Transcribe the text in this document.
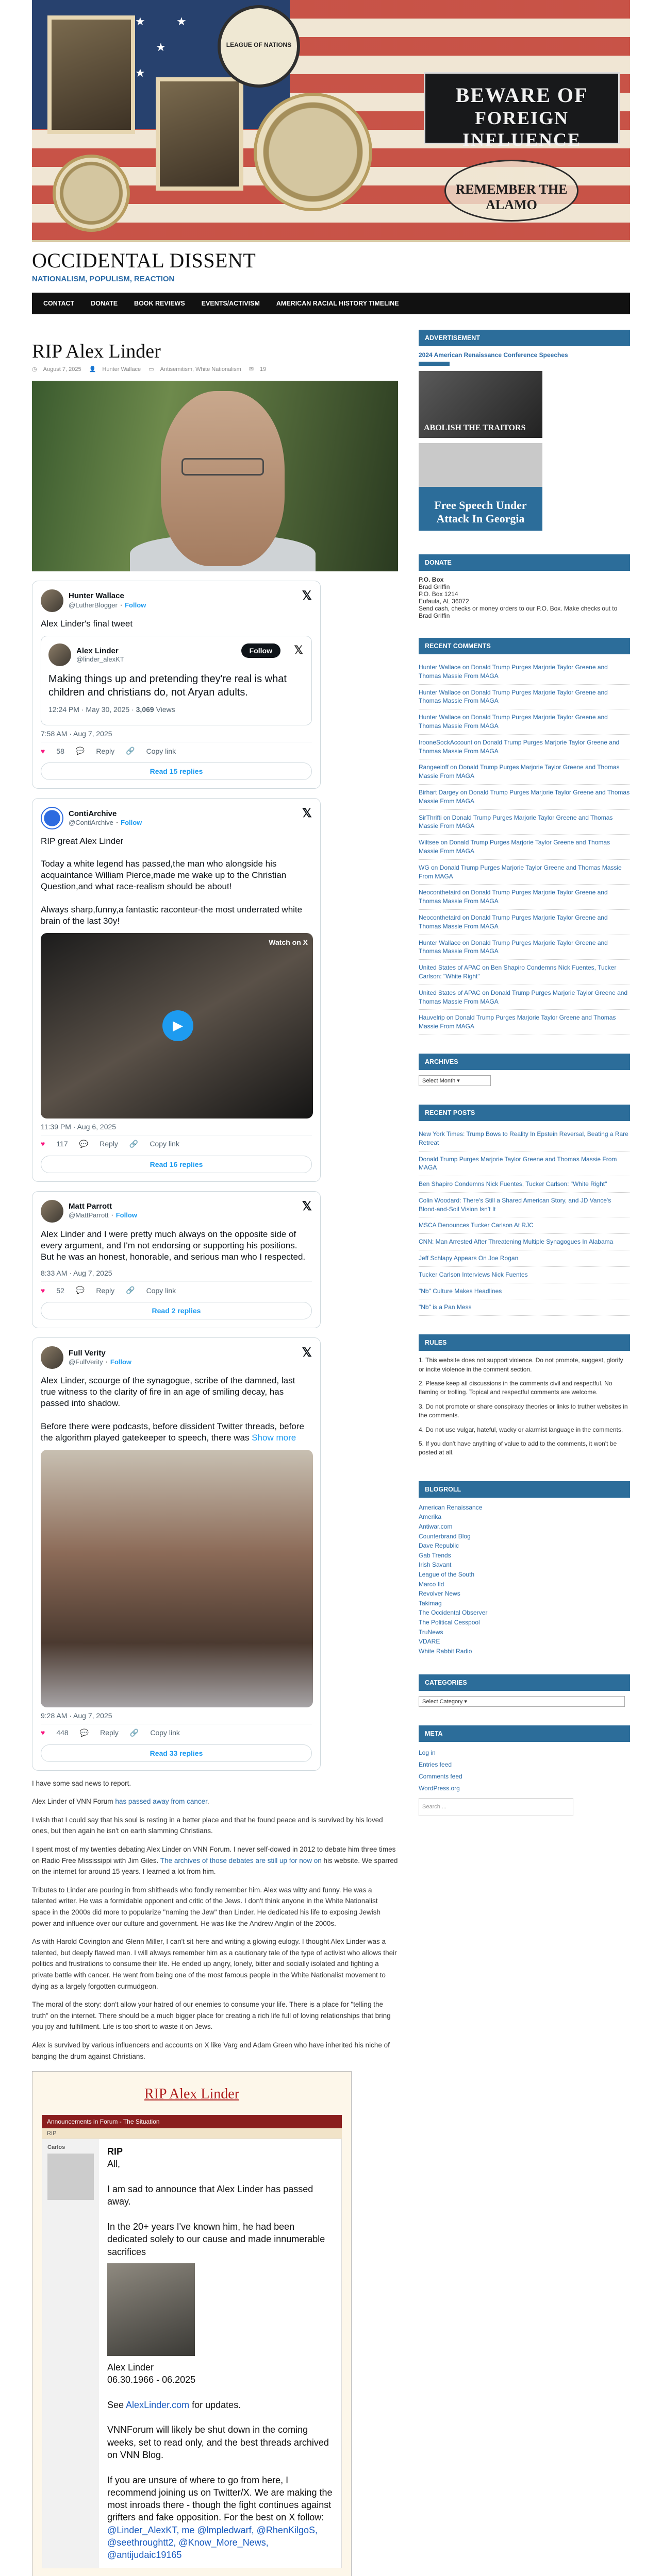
★	★
★
★
LEAGUE OF NATIONS
BEWARE OF
FOREIGN INFLUENCE
REMEMBER THE ALAMO
OCCIDENTAL DISSENT
NATIONALISM, POPULISM, REACTION
CONTACT	DONATE	BOOK REVIEWS	EVENTS/ACTIVISM	AMERICAN RACIAL HISTORY TIMELINE
RIP Alex Linder
◷ August 7, 2025 👤 Hunter Wallace ▭ Antisemitism, White Nationalism ✉ 19
Hunter Wallace
@LutherBlogger · Follow
𝕏
Alex Linder's final tweet
Alex Linder
@linder_alexKT
Follow	𝕏
Making things up and pretending they're real is what children and christians do, not Aryan adults.
12:24 PM · May 30, 2025 · 3,069 Views
7:58 AM · Aug 7, 2025
♥ 58 💬 Reply 🔗 Copy link
Read 15 replies
ContiArchive
@ContiArchive · Follow
𝕏
RIP great Alex Linder

Today a white legend has passed,the man who alongside his acquaintance William Pierce,made me wake up to the Christian Question,and what race-realism should be about!

Always sharp,funny,a fantastic raconteur-the most underrated white brain of the last 30y!
Watch on X
▶
11:39 PM · Aug 6, 2025
♥ 117 💬 Reply 🔗 Copy link
Read 16 replies
Matt Parrott
@MattParrott · Follow
𝕏
Alex Linder and I were pretty much always on the opposite side of every argument, and I'm not endorsing or supporting his positions. But he was an honest, honorable, and serious man who I respected.
8:33 AM · Aug 7, 2025
♥ 52 💬 Reply 🔗 Copy link
Read 2 replies
Full Verity
@FullVerity · Follow
𝕏
Alex Linder, scourge of the synagogue, scribe of the damned, last true witness to the clarity of fire in an age of smiling decay, has passed into shadow.

Before there were podcasts, before dissident Twitter threads, before the algorithm played gatekeeper to speech, there was Show more
9:28 AM · Aug 7, 2025
♥ 448 💬 Reply 🔗 Copy link
Read 33 replies

I have some sad news to report.

Alex Linder of VNN Forum has passed away from cancer.

I wish that I could say that his soul is resting in a better place and that he found peace and is survived by his loved ones, but then again he isn't on earth slamming Christians.

I spent most of my twenties debating Alex Linder on VNN Forum. I never self-dowed in 2012 to debate him three times on Radio Free Mississippi with Jim Giles. The archives of those debates are still up for now on his website. We sparred on the internet for around 15 years. I learned a lot from him.

Tributes to Linder are pouring in from shitheads who fondly remember him. Alex was witty and funny. He was a talented writer. He was a formidable opponent and critic of the Jews. I don't think anyone in the White Nationalist space in the 2000s did more to popularize "naming the Jew" than Linder. He dedicated his life to exposing Jewish power and influence over our culture and government. He was like the Andrew Anglin of the 2000s.

As with Harold Covington and Glenn Miller, I can't sit here and writing a glowing eulogy. I thought Alex Linder was a talented, but deeply flawed man. I will always remember him as a cautionary tale of the type of activist who allows their politics and frustrations to consume their life. He ended up angry, lonely, bitter and socially isolated and fighting a private battle with cancer. He went from being one of the most famous people in the White Nationalist movement to dying as a largely forgotten curmudgeon.

The moral of the story: don't allow your hatred of our enemies to consume your life. There is a place for "telling the truth" on the internet. There should be a much bigger place for creating a rich life full of loving relationships that bring you joy and fulfillment. Life is too short to waste it on Jews.

Alex is survived by various influencers and accounts on X like Varg and Adam Green who have inherited his niche of banging the drum against Christians.

RIP Alex Linder
Announcements in Forum - The Situation
RIP
Carlos	RIP
All,

I am sad to announce that Alex Linder has passed away.

In the 20+ years I've known him, he had been dedicated solely to our cause and made innumerable sacrifices
Alex Linder
06.30.1966 - 06.2025

See AlexLinder.com for updates.

VNNForum will likely be shut down in the coming weeks, set to read only, and the best threads archived on VNN Blog.

If you are unsure of where to go from here, I recommend joining us on Twitter/X. We are making the most inroads there - though the fight continues against grifters and fake opposition. For the best on X follow: @Linder_AlexKT, me @lmpledwarf, @RhenKilgoS, @seethroughtt2, @Know_More_News, @antijudaic19165
ADVERTISEMENT
2024 American Renaissance Conference Speeches
ABOLISH THE TRAITORS
Free Speech Under Attack In Georgia
DONATE
P.O. Box
Brad Griffin
P.O. Box 1214
Eufaula, AL 36072
Send cash, checks or money orders to our P.O. Box. Make checks out to Brad Griffin
RECENT COMMENTS
Hunter Wallace on Donald Trump Purges Marjorie Taylor Greene and Thomas Massie From MAGA
Hunter Wallace on Donald Trump Purges Marjorie Taylor Greene and Thomas Massie From MAGA
Hunter Wallace on Donald Trump Purges Marjorie Taylor Greene and Thomas Massie From MAGA
IrooneSockAccount on Donald Trump Purges Marjorie Taylor Greene and Thomas Massie From MAGA
Rangeeioff on Donald Trump Purges Marjorie Taylor Greene and Thomas Massie From MAGA
Birhart Dargey on Donald Trump Purges Marjorie Taylor Greene and Thomas Massie From MAGA
SirThrifti on Donald Trump Purges Marjorie Taylor Greene and Thomas Massie From MAGA
Wiltsee on Donald Trump Purges Marjorie Taylor Greene and Thomas Massie From MAGA
WG on Donald Trump Purges Marjorie Taylor Greene and Thomas Massie From MAGA
Neoconthetaird on Donald Trump Purges Marjorie Taylor Greene and Thomas Massie From MAGA
Neoconthetaird on Donald Trump Purges Marjorie Taylor Greene and Thomas Massie From MAGA
Hunter Wallace on Donald Trump Purges Marjorie Taylor Greene and Thomas Massie From MAGA
United States of APAC on Ben Shapiro Condemns Nick Fuentes, Tucker Carlson: "White Right"
United States of APAC on Donald Trump Purges Marjorie Taylor Greene and Thomas Massie From MAGA
Hauvelrip on Donald Trump Purges Marjorie Taylor Greene and Thomas Massie From MAGA
ARCHIVES
Select Month ▾
RECENT POSTS
New York Times: Trump Bows to Reality In Epstein Reversal, Beating a Rare Retreat
Donald Trump Purges Marjorie Taylor Greene and Thomas Massie From MAGA
Ben Shapiro Condemns Nick Fuentes, Tucker Carlson: "White Right"
Colin Woodard: There's Still a Shared American Story, and JD Vance's Blood-and-Soil Vision Isn't It
MSCA Denounces Tucker Carlson At RJC
CNN: Man Arrested After Threatening Multiple Synagogues In Alabama
Jeff Schlapy Appears On Joe Rogan
Tucker Carlson Interviews Nick Fuentes
"Nb" Culture Makes Headlines
"Nb" is a Pan Mess
RULES

1. This website does not support violence. Do not promote, suggest, glorify or incite violence in the comment section.

2. Please keep all discussions in the comments civil and respectful. No flaming or trolling. Topical and respectful comments are welcome.

3. Do not promote or share conspiracy theories or links to truther websites in the comments.

4. Do not use vulgar, hateful, wacky or alarmist language in the comments.

5. If you don't have anything of value to add to the comments, it won't be posted at all.

BLOGROLL
American Renaissance
Amerika
Antiwar.com
Counterbrand Blog
Dave Republic
Gab Trends
Irish Savant
League of the South
Marco Ild
Revolver News
Takimag
The Occidental Observer
The Political Cesspool
TruNews
VDARE
White Rabbit Radio
CATEGORIES
Select Category ▾
META
Log in
Entries feed
Comments feed
WordPress.org
Search ...
